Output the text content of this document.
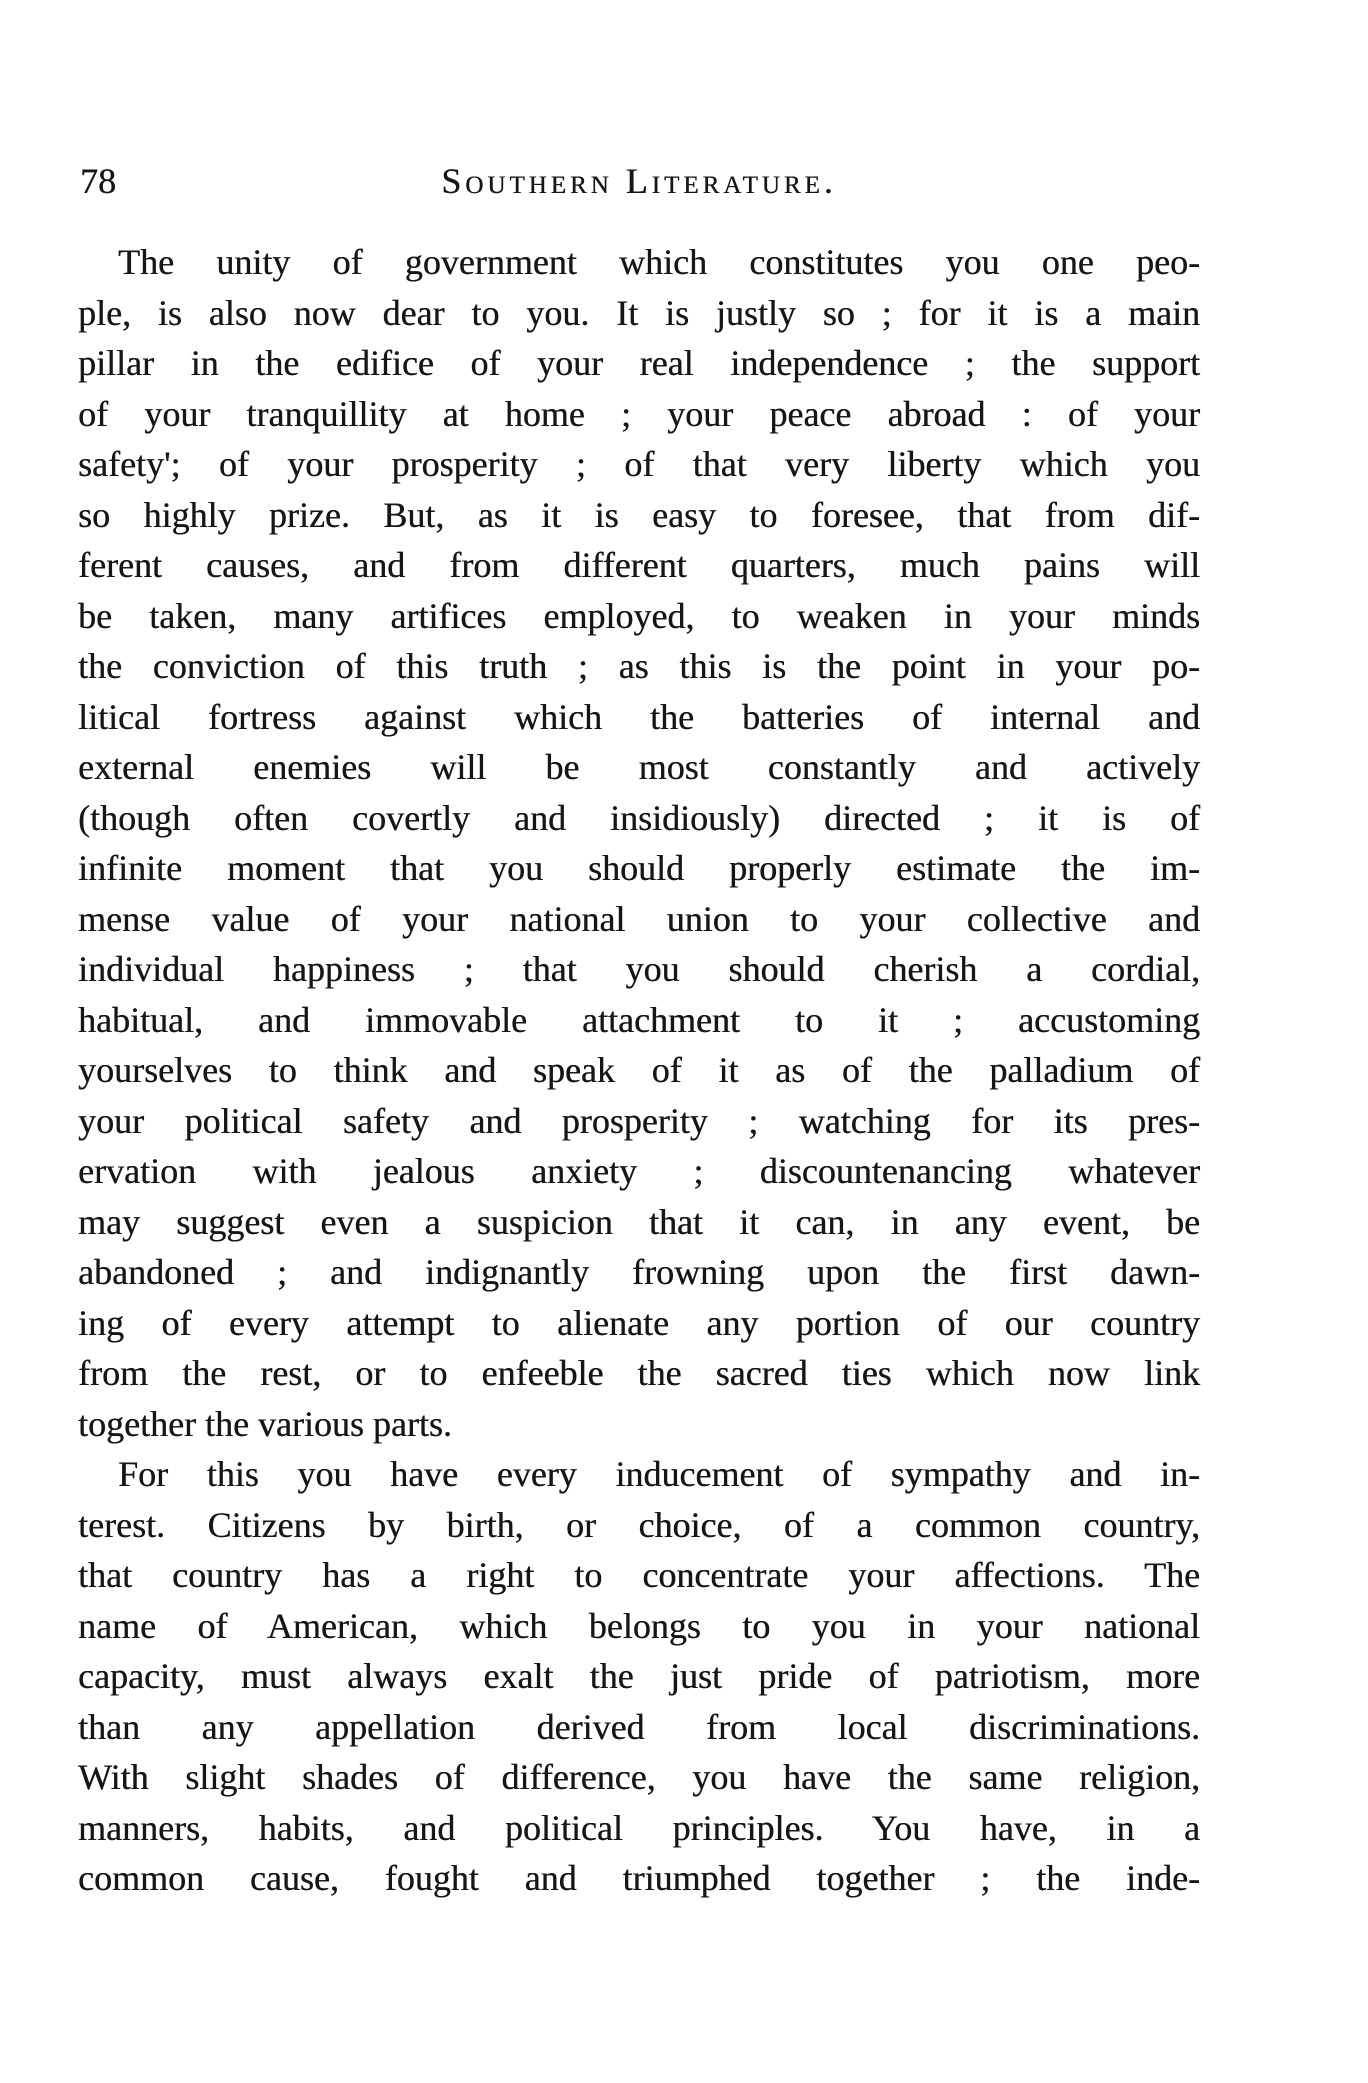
78	Southern Literature.
The unity of government which constitutes you one peo-
ple, is also now dear to you. It is justly so ; for it is a main
pillar in the edifice of your real independence ; the support
of your tranquillity at home ; your peace abroad : of your
safety'; of your prosperity ; of that very liberty which you
so highly prize. But, as it is easy to foresee, that from dif-
ferent causes, and from different quarters, much pains will
be taken, many artifices employed, to weaken in your minds
the conviction of this truth ; as this is the point in your po-
litical fortress against which the batteries of internal and
external enemies will be most constantly and actively
(though often covertly and insidiously) directed ; it is of
infinite moment that you should properly estimate the im-
mense value of your national union to your collective and
individual happiness ; that you should cherish a cordial,
habitual, and immovable attachment to it ; accustoming
yourselves to think and speak of it as of the palladium of
your political safety and prosperity ; watching for its pres-
ervation with jealous anxiety ; discountenancing whatever
may suggest even a suspicion that it can, in any event, be
abandoned ; and indignantly frowning upon the first dawn-
ing of every attempt to alienate any portion of our country
from the rest, or to enfeeble the sacred ties which now link
together the various parts.
For this you have every inducement of sympathy and in-
terest. Citizens by birth, or choice, of a common country,
that country has a right to concentrate your affections. The
name of American, which belongs to you in your national
capacity, must always exalt the just pride of patriotism, more
than any appellation derived from local discriminations.
With slight shades of difference, you have the same religion,
manners, habits, and political principles. You have, in a
common cause, fought and triumphed together ; the inde-
